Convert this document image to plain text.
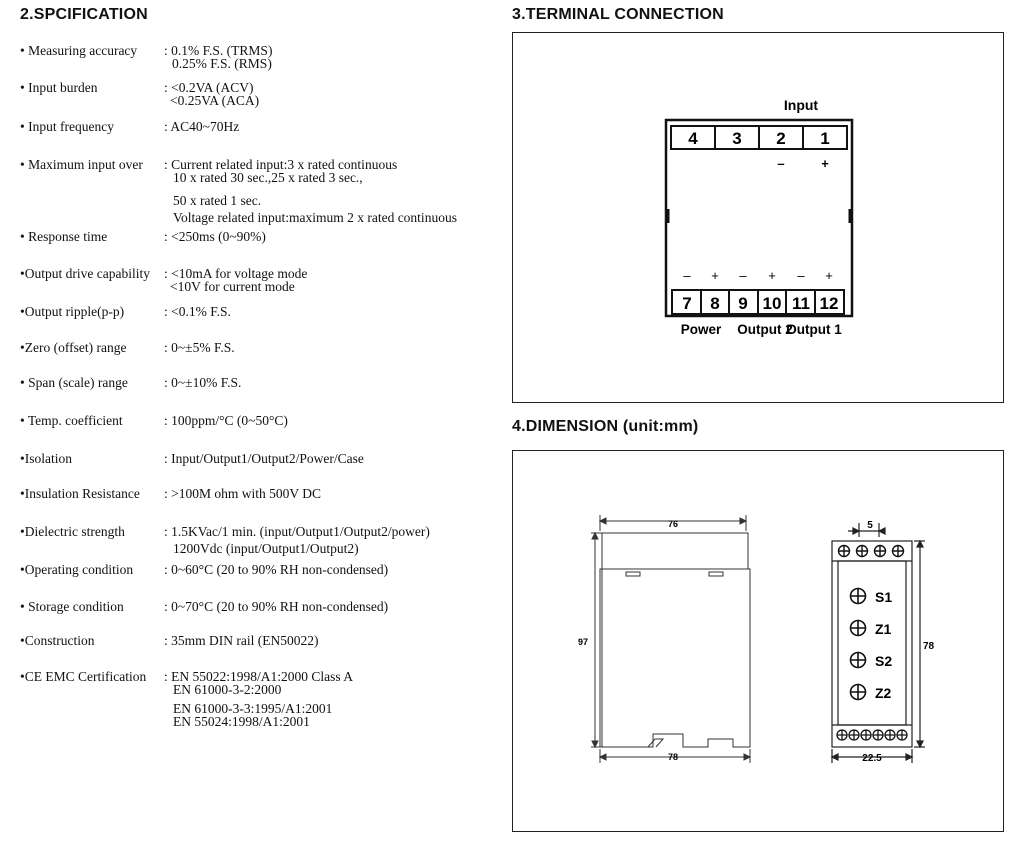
2.SPCIFICATION	3.TERMINAL CONNECTION
4.DIMENSION (unit:mm)
• Measuring accuracy : 0.1% F.S. (TRMS)
0.25% F.S. (RMS)
• Input burden	: <0.2VA (ACV)
<0.25VA (ACA)
• Input frequency	: AC40~70Hz
• Maximum input over : Current related input:3 x rated continuous
10 x rated 30 sec.,25 x rated 3 sec.,
50 x rated 1 sec.
Voltage related input:maximum 2 x rated continuous
• Response time	: <250ms (0~90%)
•Output drive capability : <10mA for voltage mode
<10V for current mode
•Output ripple(p-p)	: <0.1% F.S.
•Zero (offset) range	: 0~±5% F.S.
• Span (scale) range	: 0~±10% F.S.
• Temp. coefficient	: 100ppm/°C (0~50°C)
•Isolation	: Input/Output1/Output2/Power/Case
•Insulation Resistance : >100M ohm with 500V DC
•Dielectric strength	: 1.5KVac/1 min. (input/Output1/Output2/power)
1200Vdc (input/Output1/Output2)
•Operating condition : 0~60°C (20 to 90% RH non-condensed)
• Storage condition	: 0~70°C (20 to 90% RH non-condensed)
•Construction	: 35mm DIN rail (EN50022)
•CE EMC Certification : EN 55022:1998/A1:2000 Class A
EN 61000-3-2:2000
EN 61000-3-3:1995/A1:2001
EN 55024:1998/A1:2001
Input
4 3 2 1
–	+
– + – + – +
7 8 9 10 11 12
Power Output 2
Output 1
76
97
78
S1
Z1
S2
Z2
5
78
22.5
